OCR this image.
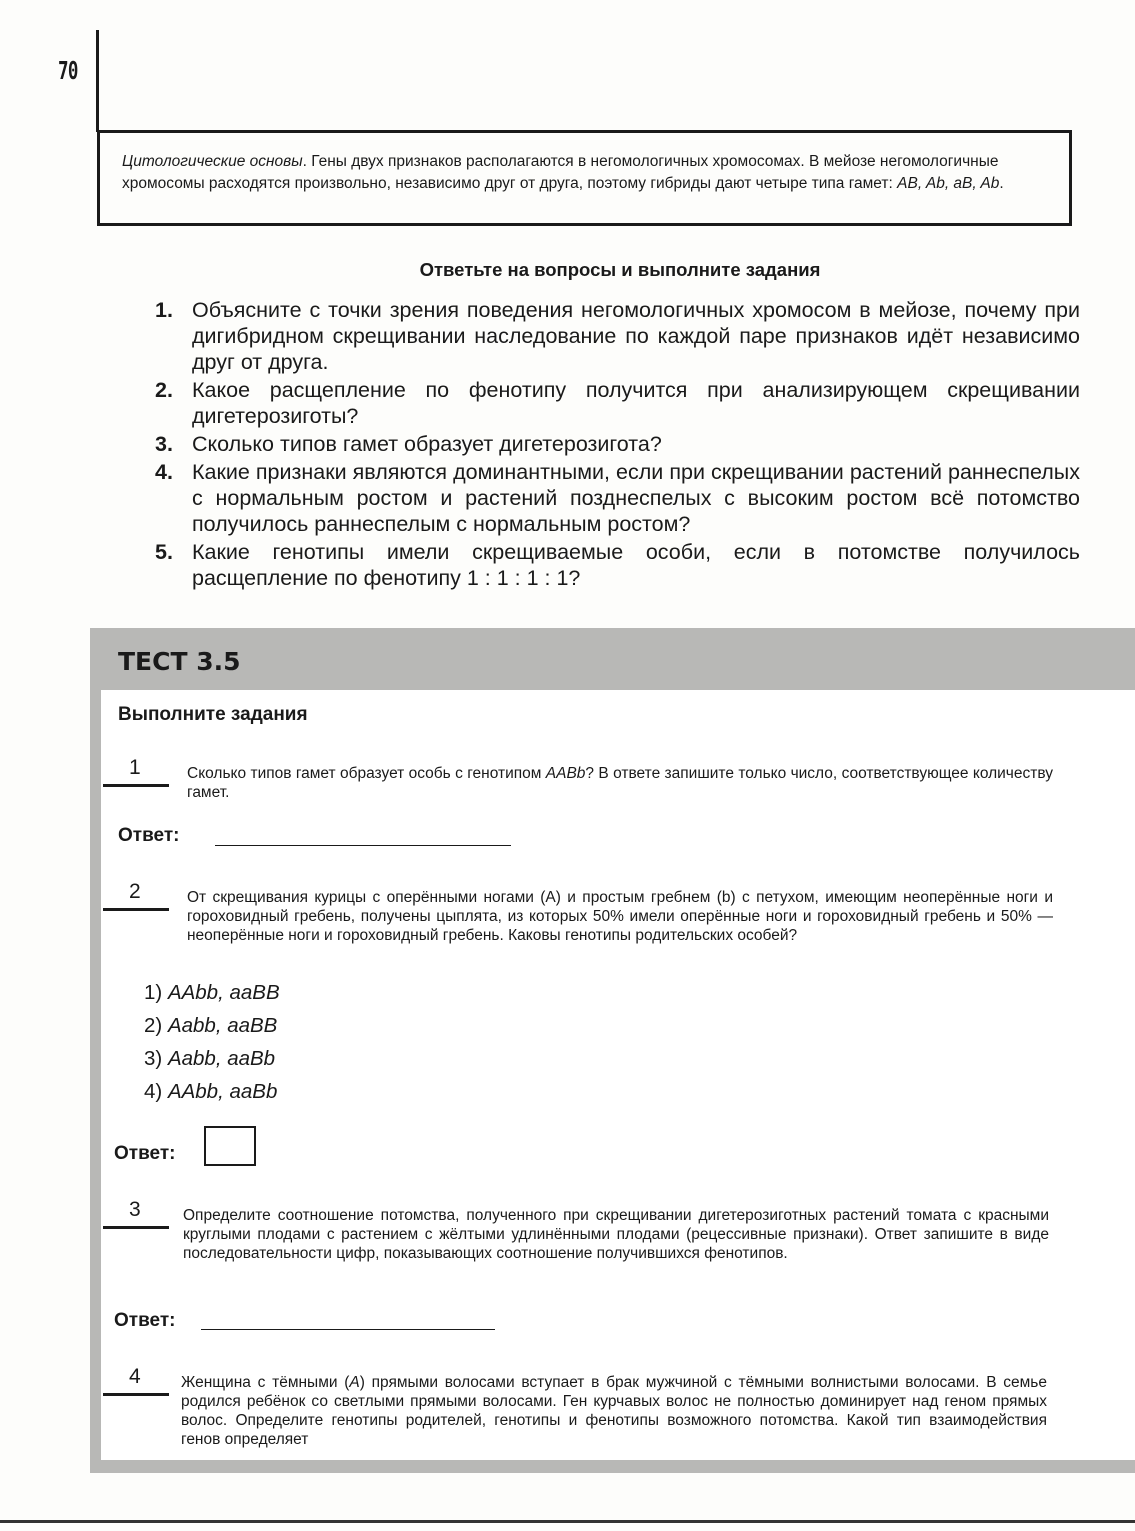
70
Цитологические основы. Гены двух признаков располагаются в негомологичных хромосомах. В мейозе негомологичные хромосомы расходятся произвольно, независимо друг от друга, поэтому гибриды дают четыре типа гамет: AB, Ab, aB, Ab.
Ответьте на вопросы и выполните задания
1. Объясните с точки зрения поведения негомологичных хромосом в мейозе, почему при дигибридном скрещивании наследование по каждой паре признаков идёт независимо друг от друга.
2. Какое расщепление по фенотипу получится при анализирующем скрещивании дигетерозиготы?
3. Сколько типов гамет образует дигетерозигота?
4. Какие признаки являются доминантными, если при скрещивании растений раннеспелых с нормальным ростом и растений позднеспелых с высоким ростом всё потомство получилось раннеспелым с нормальным ростом?
5. Какие генотипы имели скрещиваемые особи, если в потомстве получилось расщепление по фенотипу 1 : 1 : 1 : 1?
ТЕСТ 3.5
Выполните задания
1	Сколько типов гамет образует особь с генотипом AABb? В ответе запишите только число, соответствующее количеству гамет.
Ответ:
2	От скрещивания курицы с оперёнными ногами (А) и простым гребнем (b) с петухом, имеющим неоперённые ноги и гороховидный гребень, получены цыплята, из которых 50% имели оперённые ноги и гороховидный гребень и 50% — неоперённые ноги и гороховидный гребень. Каковы генотипы родительских особей?
1) AAbb, aaBB
2) Aabb, aaBB
3) Aabb, aaBb
4) AAbb, aaBb
Ответ:
3	Определите соотношение потомства, полученного при скрещивании дигетерозиготных растений томата с красными круглыми плодами с растением с жёлтыми удлинёнными плодами (рецессивные признаки). Ответ запишите в виде последовательности цифр, показывающих соотношение получившихся фенотипов.
Ответ:
4	Женщина с тёмными (А) прямыми волосами вступает в брак мужчиной с тёмными волнистыми волосами. В семье родился ребёнок со светлыми прямыми волосами. Ген курчавых волос не полностью доминирует над геном прямых волос. Определите генотипы родителей, генотипы и фенотипы возможного потомства. Какой тип взаимодействия генов определяет
